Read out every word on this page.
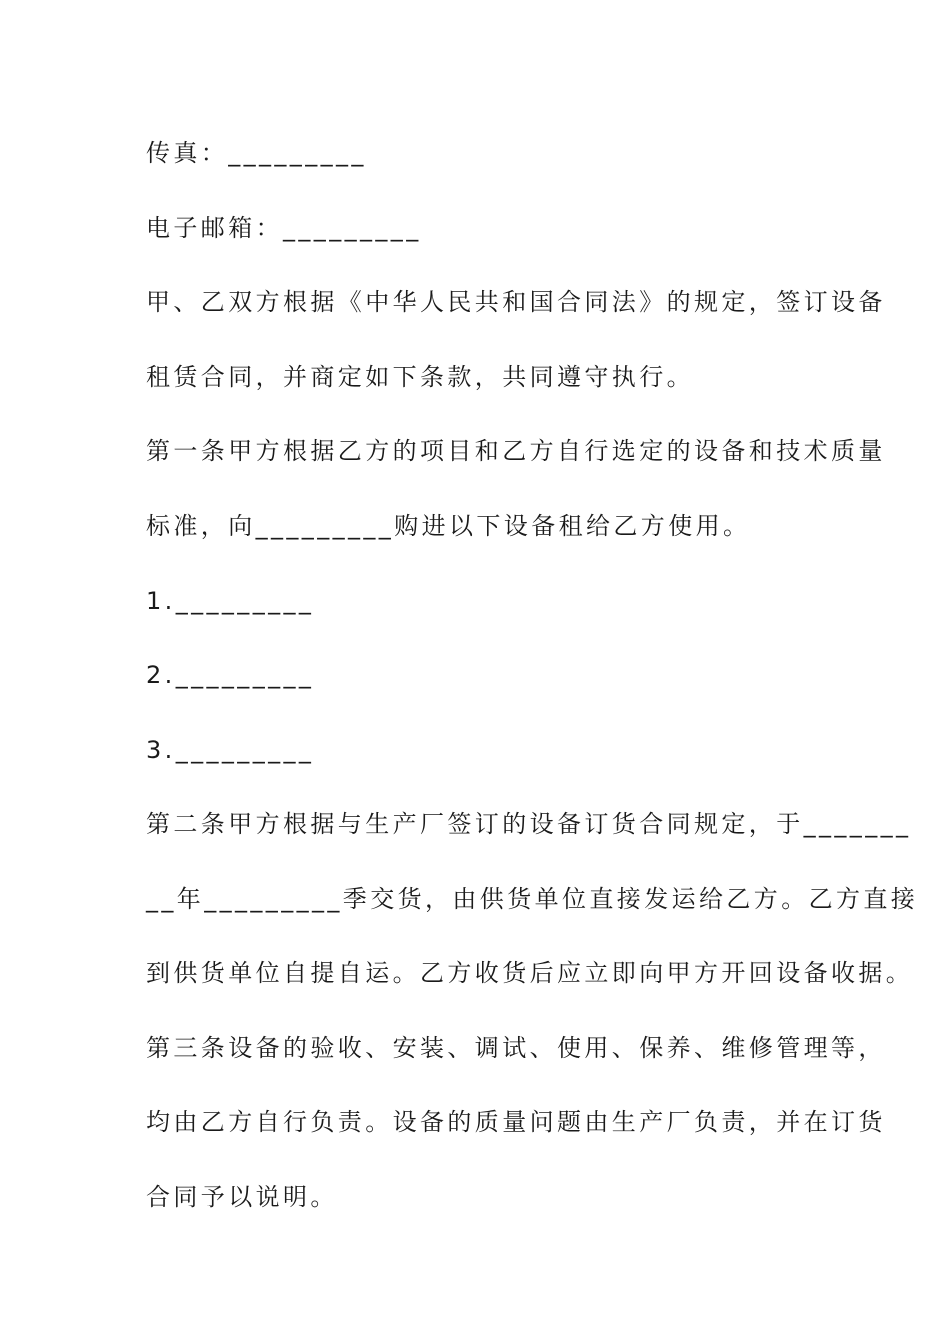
传真：_________
电子邮箱：_________
甲、乙双方根据《中华人民共和国合同法》的规定，签订设备
租赁合同，并商定如下条款，共同遵守执行。
第一条甲方根据乙方的项目和乙方自行选定的设备和技术质量
标准，向_________购进以下设备租给乙方使用。
1._________
2._________
3._________
第二条甲方根据与生产厂签订的设备订货合同规定，于_______
__年_________季交货，由供货单位直接发运给乙方。乙方直接
到供货单位自提自运。乙方收货后应立即向甲方开回设备收据。
第三条设备的验收、安装、调试、使用、保养、维修管理等，
均由乙方自行负责。设备的质量问题由生产厂负责，并在订货
合同予以说明。
